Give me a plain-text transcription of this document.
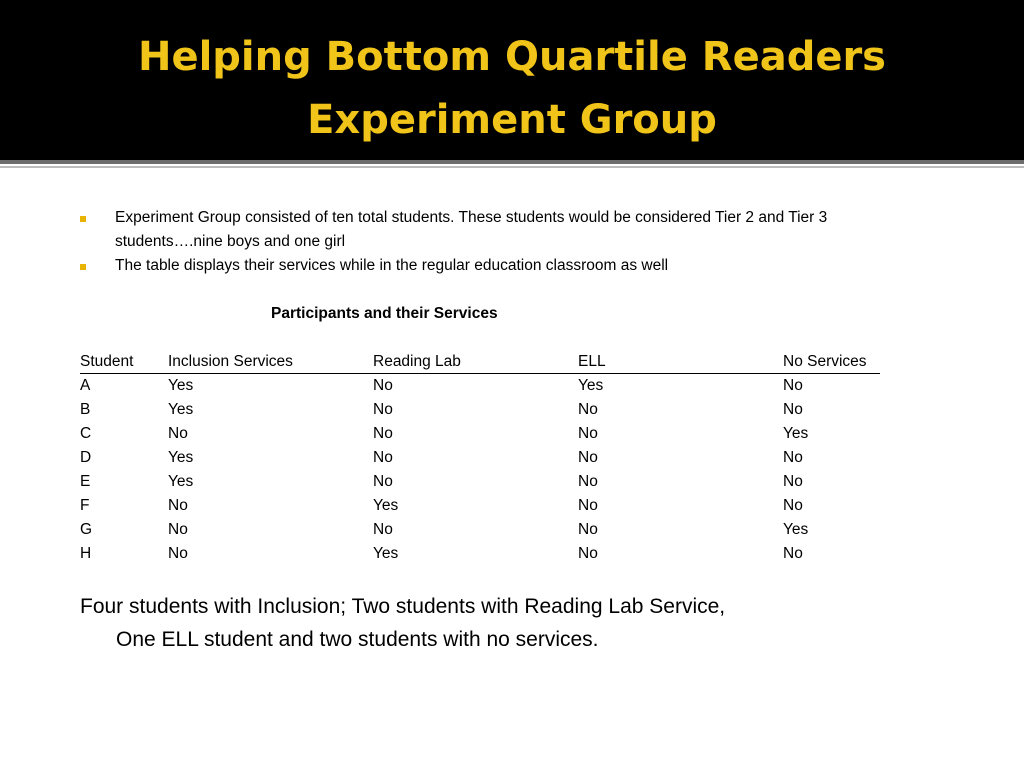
Helping Bottom Quartile Readers
Experiment Group
Experiment Group consisted of ten total students. These students would be considered Tier 2 and Tier 3 students….nine boys and one girl
The table displays their services while in the regular education classroom as well
Participants and their Services
Student Inclusion Services	Reading Lab	ELL	No Services
A	Yes	No	Yes	No
B	Yes	No	No	No
C	No	No	No	Yes
D	Yes	No	No	No
E	Yes	No	No	No
F	No	Yes	No	No
G	No	No	No	Yes
H	No	Yes	No	No
Four students with Inclusion; Two students with Reading Lab Service,
One ELL student and two students with no services.
